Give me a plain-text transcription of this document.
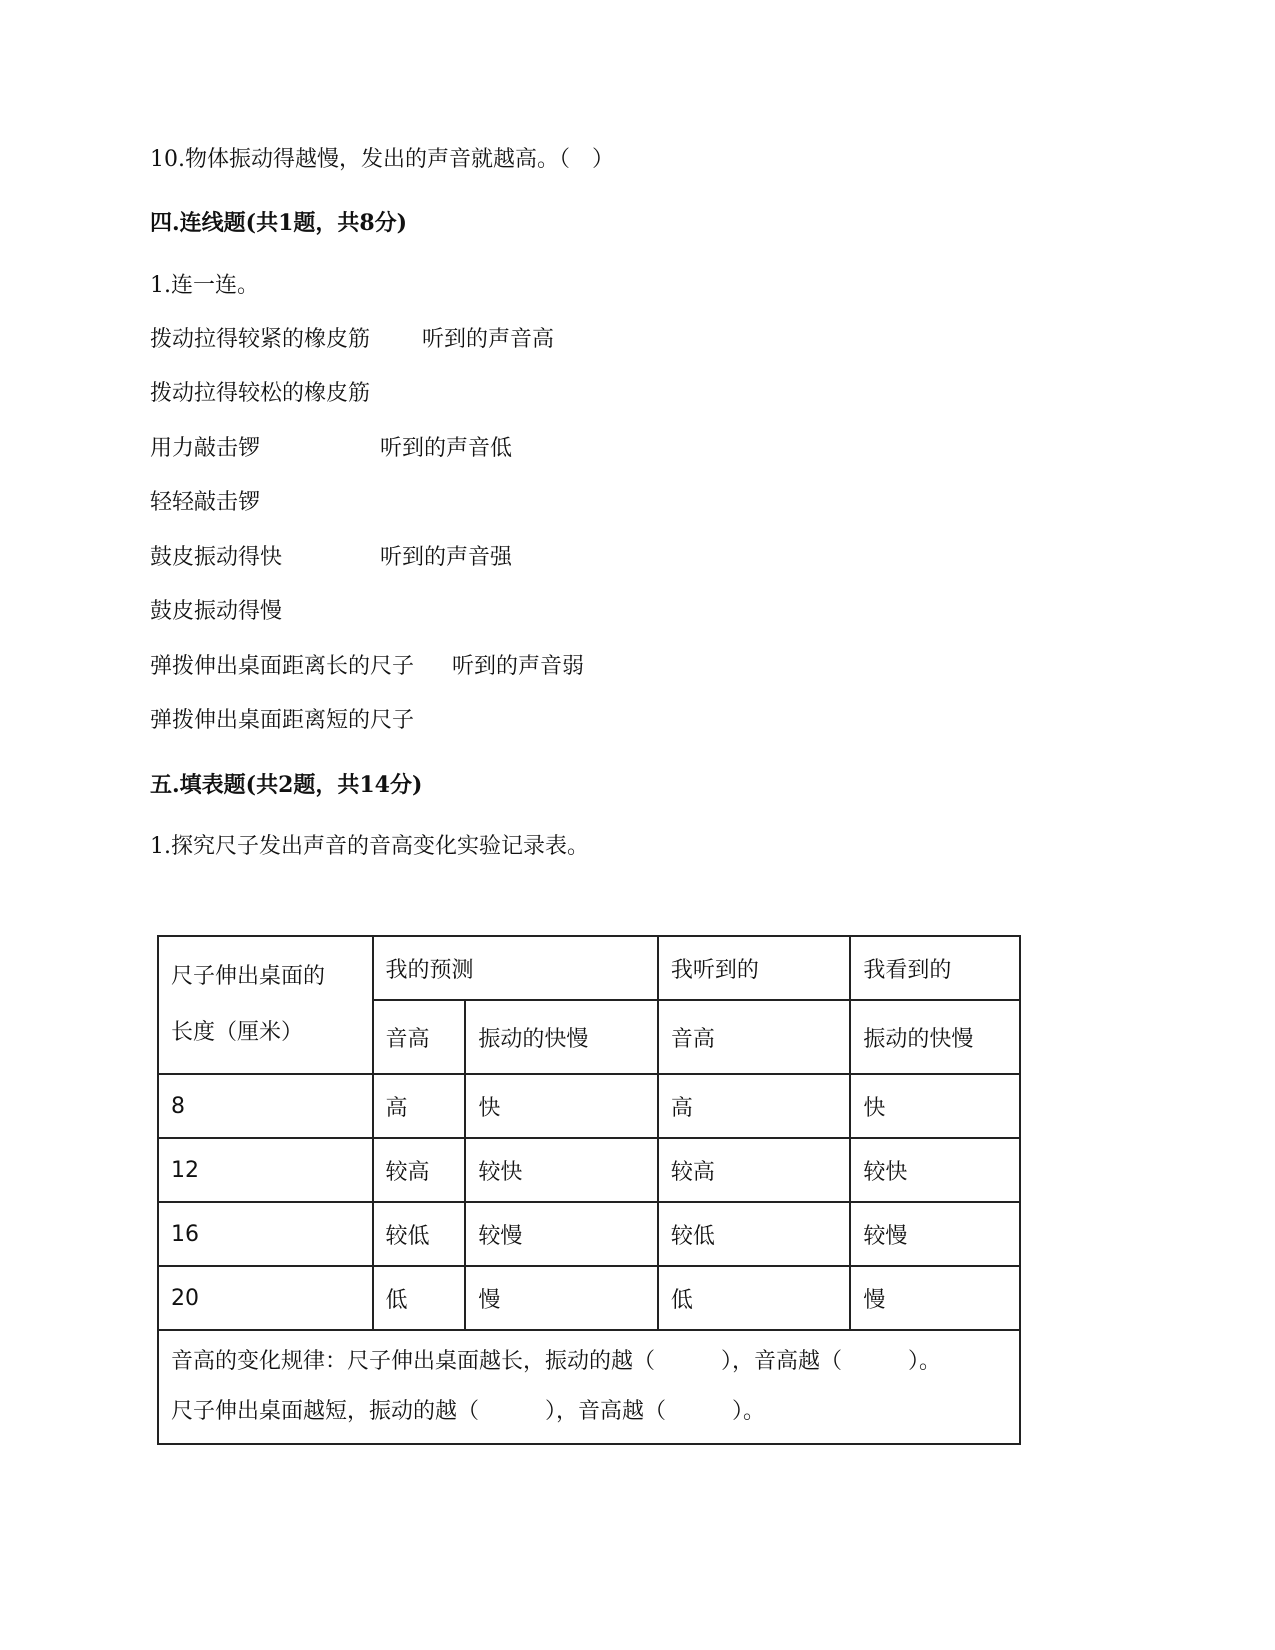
10.物体振动得越慢，发出的声音就越高。（　）
四.连线题(共1题，共8分)
1.连一连。
拨动拉得较紧的橡皮筋 听到的声音高
拨动拉得较松的橡皮筋
用力敲击锣	听到的声音低
轻轻敲击锣
鼓皮振动得快	听到的声音强
鼓皮振动得慢
弹拨伸出桌面距离长的尺子 听到的声音弱
弹拨伸出桌面距离短的尺子
五.填表题(共2题，共14分)
1.探究尺子发出声音的音高变化实验记录表。
尺子伸出桌面的
长度（厘米）	我的预测		我听到的	我看到的
	音高	振动的快慢	音高	振动的快慢
8	高	快	高	快
12	较高	较快	较高	较快
16	较低	较慢	较低	较慢
20	低	慢	低	慢

音高的变化规律：尺子伸出桌面越长，振动的越（　　　），音高越（　　　）。
尺子伸出桌面越短，振动的越（　　　），音高越（　　　）。				
